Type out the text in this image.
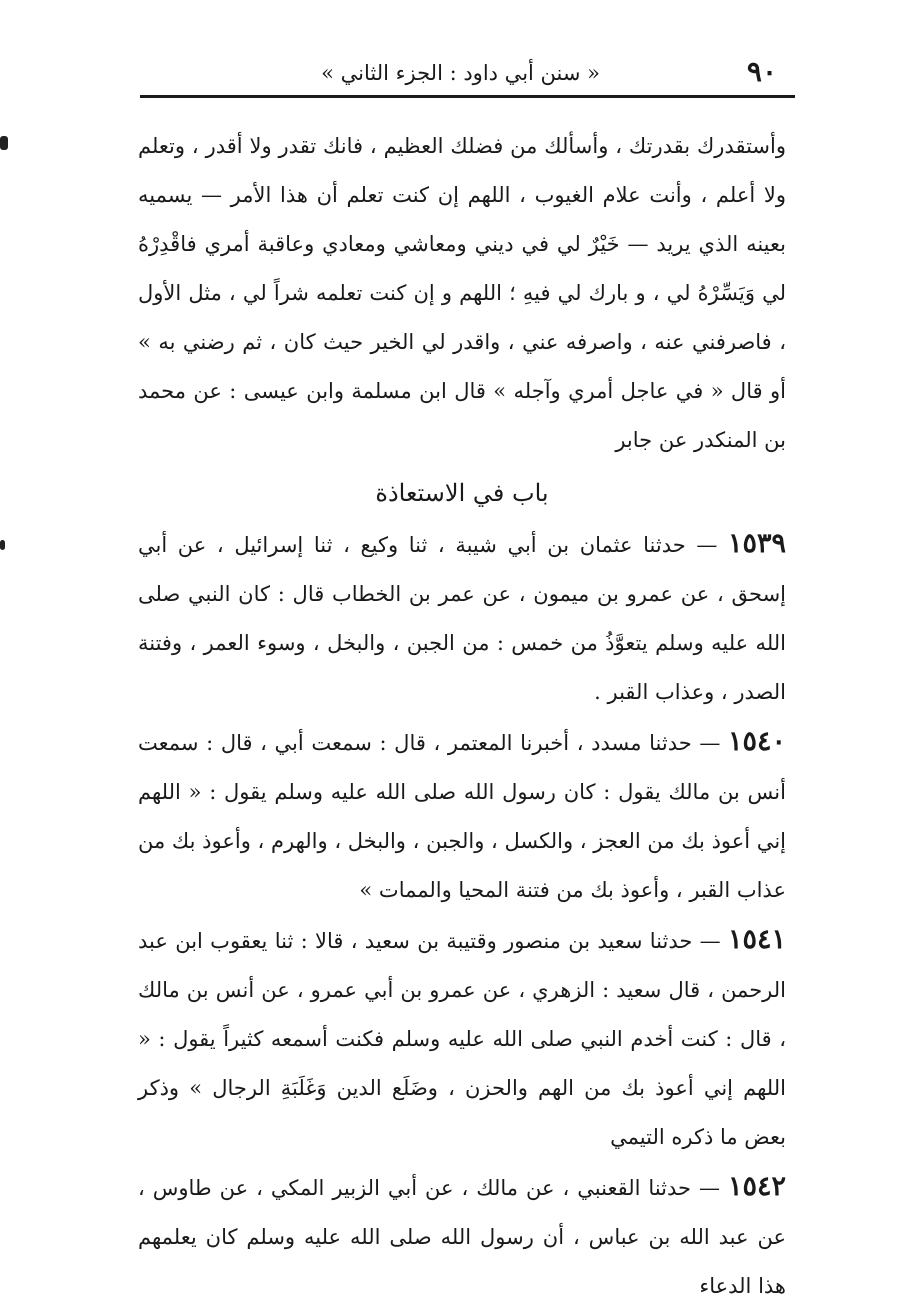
٩٠
« سنن أبي داود : الجزء الثاني »

وأستقدرك بقدرتك ، وأسألك من فضلك العظيم ، فانك تقدر ولا أقدر ، وتعلم ولا أعلم ، وأنت علام الغيوب ، اللهم إن كنت تعلم أن هذا الأمر — يسميه بعينه الذي يريد — خَيْرٌ لي في ديني ومعاشي ومعادي وعاقبة أمري فاقْدِرْهُ لي وَيَسِّرْهُ لي ، و بارك لي فيهِ ؛ اللهم و إن كنت تعلمه شراً لي ، مثل الأول ، فاصرفني عنه ، واصرفه عني ، واقدر لي الخير حيث كان ، ثم رضني به » أو قال « في عاجل أمري وآجله » قال ابن مسلمة وابن عيسى : عن محمد بن المنكدر عن جابر

باب في الاستعاذة

١٥٣٩ — حدثنا عثمان بن أبي شيبة ، ثنا وكيع ، ثنا إسرائيل ، عن أبي إسحق ، عن عمرو بن ميمون ، عن عمر بن الخطاب قال : كان النبي صلى الله عليه وسلم يتعوَّذُ من خمس : من الجبن ، والبخل ، وسوء العمر ، وفتنة الصدر ، وعذاب القبر .

١٥٤٠ — حدثنا مسدد ، أخبرنا المعتمر ، قال : سمعت أبي ، قال : سمعت أنس بن مالك يقول : كان رسول الله صلى الله عليه وسلم يقول : « اللهم إني أعوذ بك من العجز ، والكسل ، والجبن ، والبخل ، والهرم ، وأعوذ بك من عذاب القبر ، وأعوذ بك من فتنة المحيا والممات »

١٥٤١ — حدثنا سعيد بن منصور وقتيبة بن سعيد ، قالا : ثنا يعقوب ابن عبد الرحمن ، قال سعيد : الزهري ، عن عمرو بن أبي عمرو ، عن أنس بن مالك ، قال : كنت أخدم النبي صلى الله عليه وسلم فكنت أسمعه كثيراً يقول : « اللهم إني أعوذ بك من الهم والحزن ، وضَلَع الدين وَغَلَبَةِ الرجال » وذكر بعض ما ذكره التيمي

١٥٤٢ — حدثنا القعنبي ، عن مالك ، عن أبي الزبير المكي ، عن طاوس ، عن عبد الله بن عباس ، أن رسول الله صلى الله عليه وسلم كان يعلمهم هذا الدعاء
